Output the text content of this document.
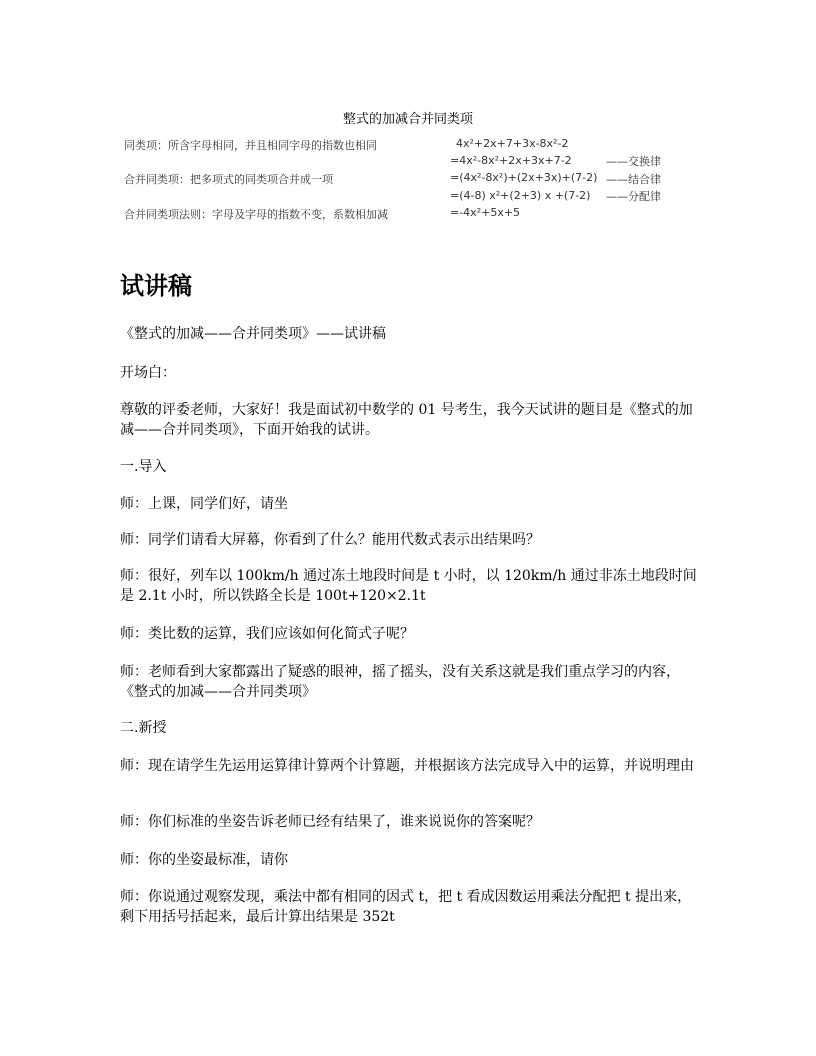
整式的加减合并同类项
同类项：所含字母相同，并且相同字母的指数也相同
合并同类项：把多项式的同类项合并成一项
合并同类项法则：字母及字母的指数不变，系数相加减
4x²+2x+7+3x-8x²-2
=4x²-8x²+2x+3x+7-2
=(4x²-8x²)+(2x+3x)+(7-2)
=(4-8) x²+(2+3) x +(7-2)
=-4x²+5x+5
——交换律
——结合律
——分配律
试讲稿
《整式的加减——合并同类项》——试讲稿
开场白：
尊敬的评委老师，大家好！我是面试初中数学的 01 号考生，我今天试讲的题目是《整式的加减——合并同类项》，下面开始我的试讲。
一.导入
师：上课，同学们好，请坐
师：同学们请看大屏幕，你看到了什么？能用代数式表示出结果吗？
师：很好，列车以 100km/h 通过冻土地段时间是 t 小时，以 120km/h 通过非冻土地段时间是 2.1t 小时，所以铁路全长是 100t+120×2.1t
师：类比数的运算，我们应该如何化简式子呢？
师：老师看到大家都露出了疑惑的眼神，摇了摇头，没有关系这就是我们重点学习的内容，《整式的加减——合并同类项》
二.新授
师：现在请学生先运用运算律计算两个计算题，并根据该方法完成导入中的运算，并说明理由
师：你们标准的坐姿告诉老师已经有结果了，谁来说说你的答案呢？
师：你的坐姿最标准，请你
师：你说通过观察发现，乘法中都有相同的因式 t，把 t 看成因数运用乘法分配把 t 提出来，剩下用括号括起来，最后计算出结果是 352t
